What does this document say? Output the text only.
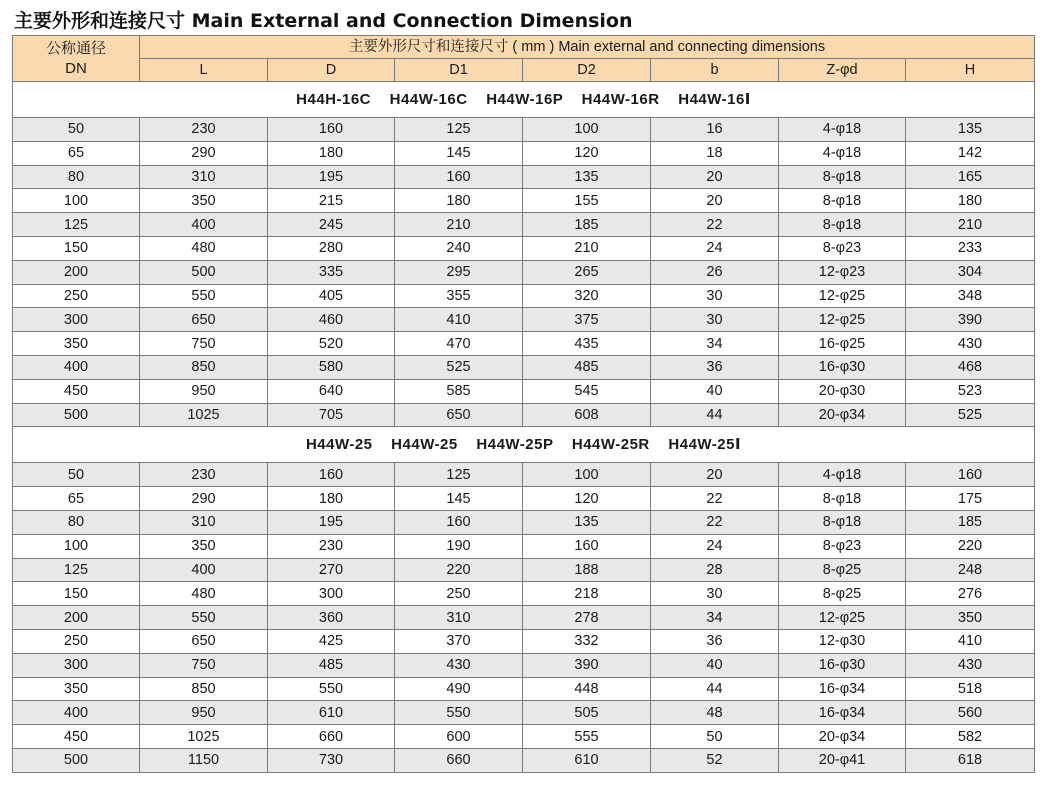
主要外形和连接尺寸 Main External and Connection Dimension
公称通径
DN	主要外形尺寸和连接尺寸 ( mm ) Main external and connecting dimensions						
	L	D	D1	D2	b	Z-φd	H
H44H-16C    H44W-16C    H44W-16P    H44W-16R    H44W-16Ⅰ							
50	230	160	125	100	16	4-φ18	135
65	290	180	145	120	18	4-φ18	142
80	310	195	160	135	20	8-φ18	165
100	350	215	180	155	20	8-φ18	180
125	400	245	210	185	22	8-φ18	210
150	480	280	240	210	24	8-φ23	233
200	500	335	295	265	26	12-φ23	304
250	550	405	355	320	30	12-φ25	348
300	650	460	410	375	30	12-φ25	390
350	750	520	470	435	34	16-φ25	430
400	850	580	525	485	36	16-φ30	468
450	950	640	585	545	40	20-φ30	523
500	1025	705	650	608	44	20-φ34	525
H44W-25    H44W-25    H44W-25P    H44W-25R    H44W-25Ⅰ							
50	230	160	125	100	20	4-φ18	160
65	290	180	145	120	22	8-φ18	175
80	310	195	160	135	22	8-φ18	185
100	350	230	190	160	24	8-φ23	220
125	400	270	220	188	28	8-φ25	248
150	480	300	250	218	30	8-φ25	276
200	550	360	310	278	34	12-φ25	350
250	650	425	370	332	36	12-φ30	410
300	750	485	430	390	40	16-φ30	430
350	850	550	490	448	44	16-φ34	518
400	950	610	550	505	48	16-φ34	560
450	1025	660	600	555	50	20-φ34	582
500	1150	730	660	610	52	20-φ41	618
